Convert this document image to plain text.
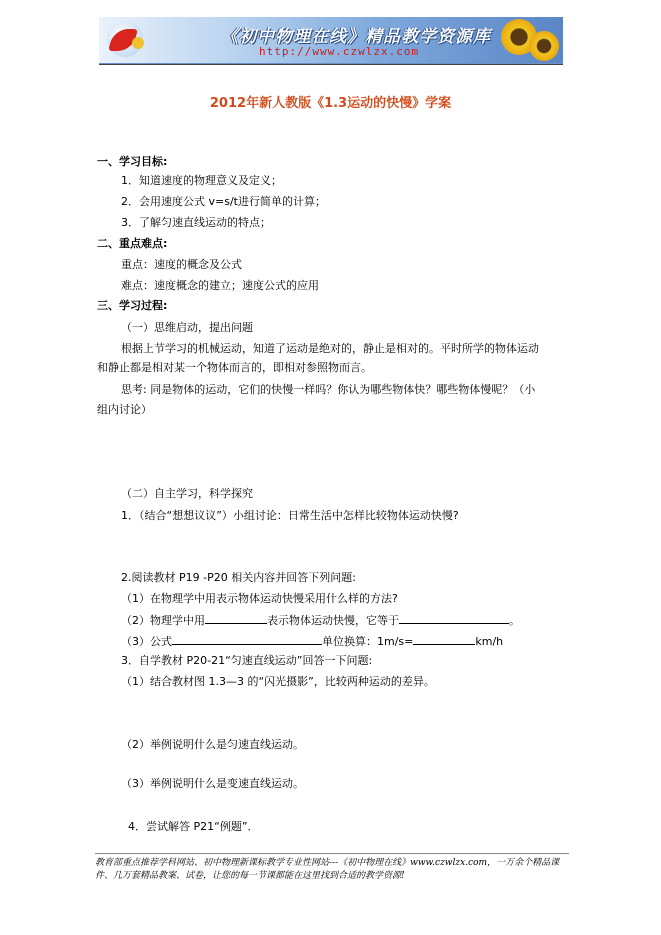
《初中物理在线》精品教学资源库
http://www.czwlzx.com
2012年新人教版《1.3运动的快慢》学案
一、学习目标:
1．知道速度的物理意义及定义；
2．会用速度公式 v=s/t进行简单的计算；
3．了解匀速直线运动的特点；
二、重点难点:
重点：速度的概念及公式
难点：速度概念的建立；速度公式的应用
三、学习过程:
（一）思维启动，提出问题
根据上节学习的机械运动，知道了运动是绝对的，静止是相对的。平时所学的物体运动
和静止都是相对某一个物体而言的，即相对参照物而言。
思考: 同是物体的运动，它们的快慢一样吗？你认为哪些物体快？哪些物体慢呢？（小
组内讨论）
（二）自主学习，科学探究
1．（结合“想想议议”）小组讨论：日常生活中怎样比较物体运动快慢?
2.阅读教材 P19 -P20 相关内容并回答下列问题:
（1）在物理学中用表示物体运动快慢采用什么样的方法?
（2）物理学中用	表示物体运动快慢，它等于	。
（3）公式	单位换算：1m/s=	km/h
3．自学教材 P20-21“匀速直线运动”回答一下问题:
（1）结合教材图 1.3—3 的“闪光摄影”，比较两种运动的差异。
（2）举例说明什么是匀速直线运动。
（3）举例说明什么是变速直线运动。
4．尝试解答 P21“例题”．
教育部重点推荐学科网站、初中物理新课标教学专业性网站---《初中物理在线》www.czwlzx.com，一万余个精品课件、几万套精品教案、试卷，让您的每一节课都能在这里找到合适的教学资源!
